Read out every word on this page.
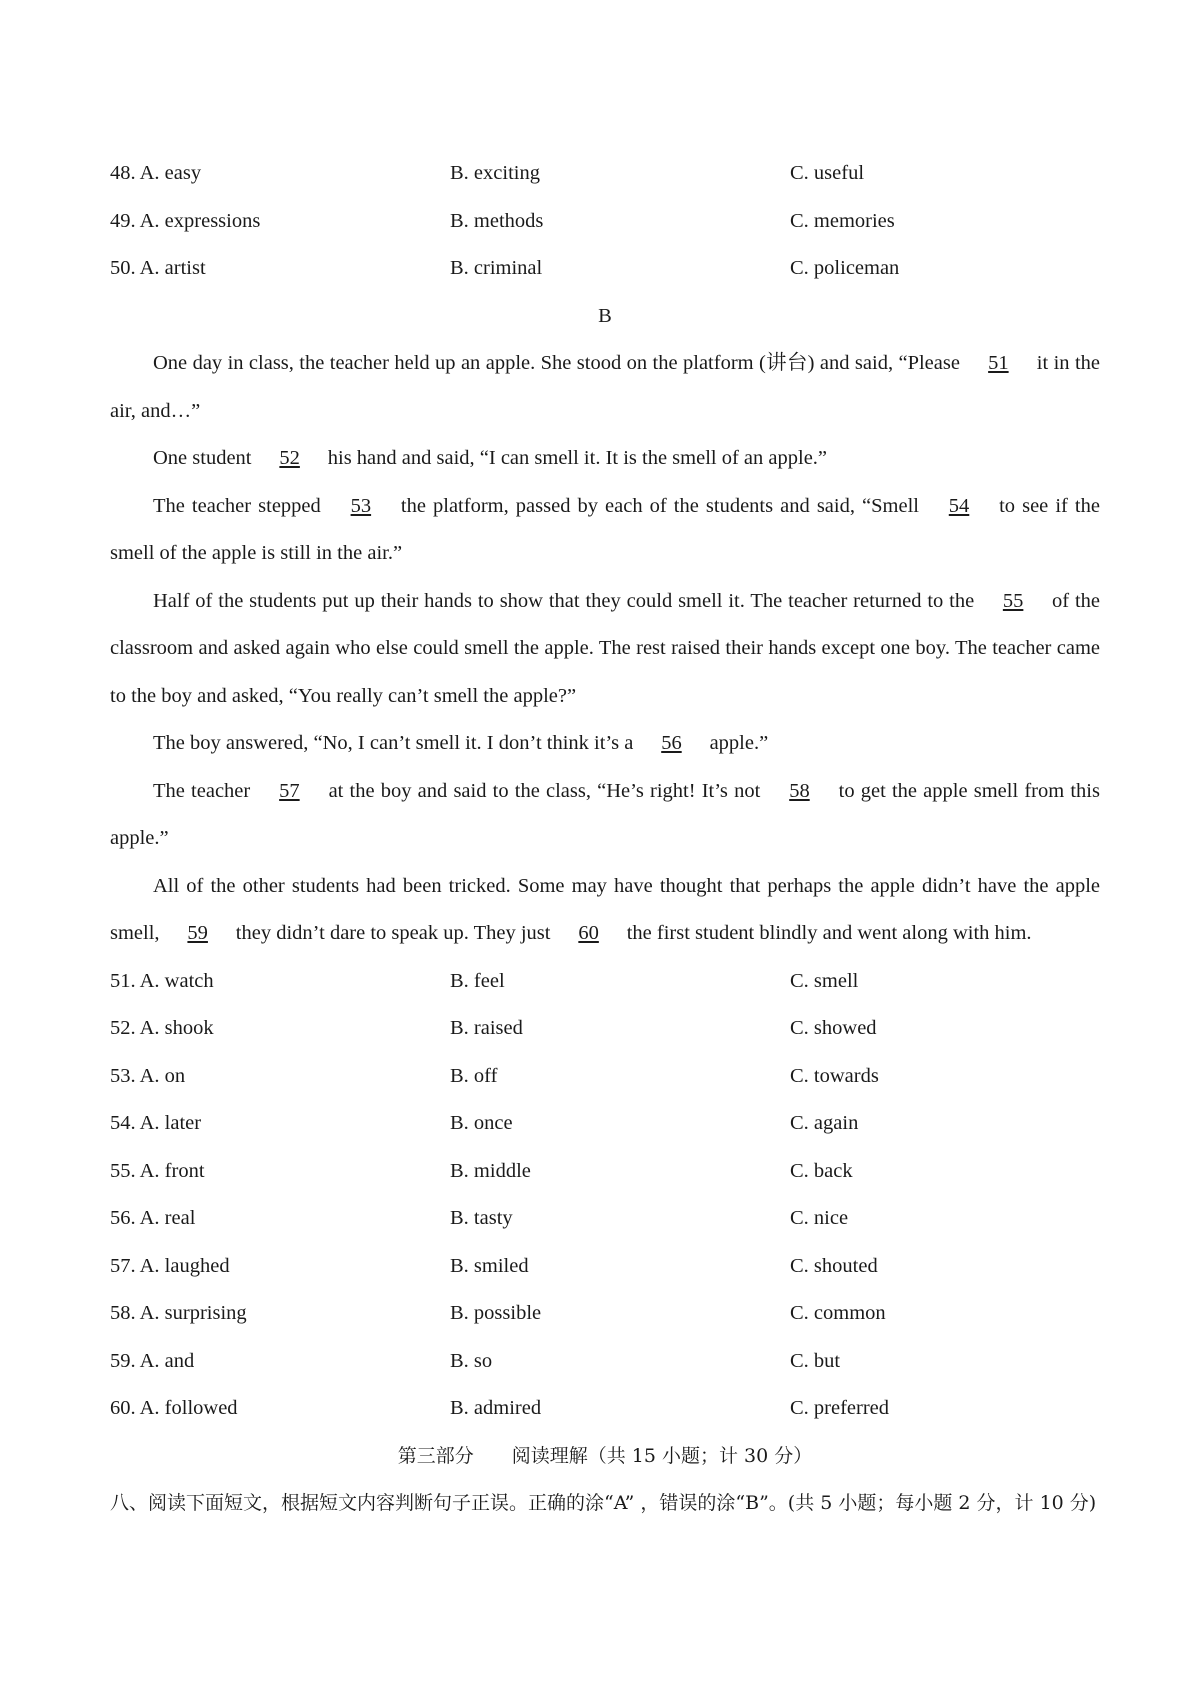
48. A. easy	B. exciting	C. useful
49. A. expressions	B. methods	C. memories
50. A. artist	B. criminal	C. policeman
B

One day in class, the teacher held up an apple. She stood on the platform (讲台) and said, “Please 51 it in the air, and…”

One student 52 his hand and said, “I can smell it. It is the smell of an apple.”

The teacher stepped 53 the platform, passed by each of the students and said, “Smell 54 to see if the smell of the apple is still in the air.”

Half of the students put up their hands to show that they could smell it. The teacher returned to the 55 of the classroom and asked again who else could smell the apple. The rest raised their hands except one boy. The teacher came to the boy and asked, “You really can’t smell the apple?”

The boy answered, “No, I can’t smell it. I don’t think it’s a 56 apple.”

The teacher 57 at the boy and said to the class, “He’s right! It’s not 58 to get the apple smell from this apple.”

All of the other students had been tricked. Some may have thought that perhaps the apple didn’t have the apple smell, 59 they didn’t dare to speak up. They just 60 the first student blindly and went along with him.

51. A. watch	B. feel	C. smell
52. A. shook	B. raised	C. showed
53. A. on	B. off	C. towards
54. A. later	B. once	C. again
55. A. front	B. middle	C. back
56. A. real	B. tasty	C. nice
57. A. laughed	B. smiled	C. shouted
58. A. surprising	B. possible	C. common
59. A. and	B. so	C. but
60. A. followed	B. admired	C. preferred
第三部分　　阅读理解（共 15 小题；计 30 分）

八、阅读下面短文，根据短文内容判断句子正误。正确的涂“A” ，错误的涂“B”。(共 5 小题；每小题 2 分，计 10 分)
